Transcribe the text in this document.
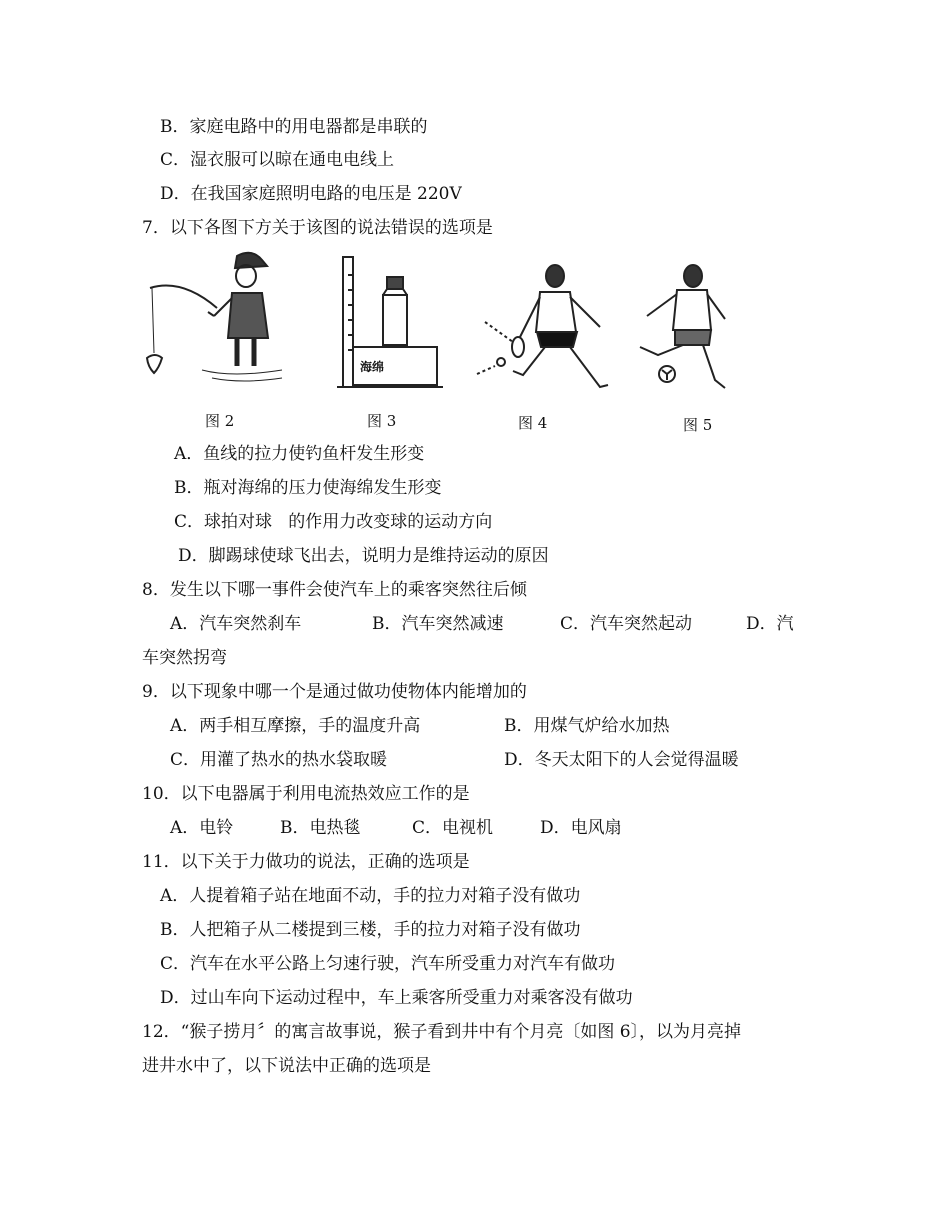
B．家庭电路中的用电器都是串联的
C．湿衣服可以晾在通电电线上
D．在我国家庭照明电路的电压是 220V
7．以下各图下方关于该图的说法错误的选项是
图 2
海绵
图 3	图 4	图 5
A．鱼线的拉力使钓鱼杆发生形变
B．瓶对海绵的压力使海绵发生形变
C．球拍对球   的作用力改变球的运动方向
D．脚踢球使球飞出去，说明力是维持运动的原因
8．发生以下哪一事件会使汽车上的乘客突然往后倾
A．汽车突然刹车	B．汽车突然减速	C．汽车突然起动	D．汽
车突然拐弯
9．以下现象中哪一个是通过做功使物体内能增加的
A．两手相互摩擦，手的温度升高	B．用煤气炉给水加热
C．用灌了热水的热水袋取暖	D．冬天太阳下的人会觉得温暖
10．以下电器属于利用电流热效应工作的是
A．电铃	B．电热毯	C．电视机	D．电风扇
11．以下关于力做功的说法，正确的选项是
A．人提着箱子站在地面不动，手的拉力对箱子没有做功
B．人把箱子从二楼提到三楼，手的拉力对箱子没有做功
C．汽车在水平公路上匀速行驶，汽车所受重力对汽车有做功
D．过山车向下运动过程中，车上乘客所受重力对乘客没有做功
12．“猴子捞月〞的寓言故事说，猴子看到井中有个月亮〔如图 6〕，以为月亮掉
进井水中了，以下说法中正确的选项是
